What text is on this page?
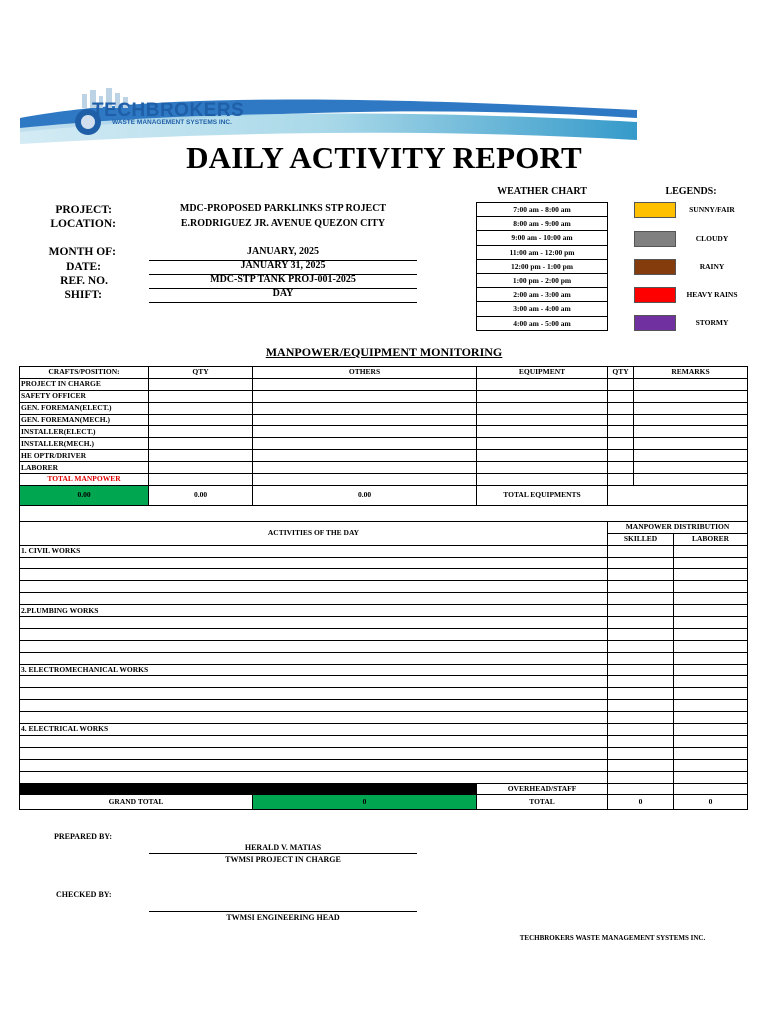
TECHBROKERS
WASTE MANAGEMENT SYSTEMS INC.
DAILY ACTIVITY REPORT
PROJECT:	MDC-PROPOSED PARKLINKS STP ROJECT
LOCATION:	E.RODRIGUEZ JR. AVENUE QUEZON CITY
MONTH OF:	JANUARY, 2025
DATE:	JANUARY 31, 2025
REF. NO.	MDC-STP TANK PROJ-001-2025
SHIFT:	DAY
WEATHER CHART
7:00 am - 8:00 am
8:00 am - 9:00 am
9:00 am - 10:00 am
11:00 am - 12:00 pm
12:00 pm - 1:00 pm
1:00 pm - 2:00 pm
2:00 am - 3:00 am
3:00 am - 4:00 am
4:00 am - 5:00 am
LEGENDS:
SUNNY/FAIR
CLOUDY
RAINY
HEAVY RAINS
STORMY
MANPOWER/EQUIPMENT MONITORING
CRAFTS/POSITION:	QTY	OTHERS	EQUIPMENT	QTY	REMARKS	
PROJECT IN CHARGE						
SAFETY OFFICER						
GEN. FOREMAN(ELECT.)						
GEN. FOREMAN(MECH.)						
INSTALLER(ELECT.)						
INSTALLER(MECH.)						
HE OPTR/DRIVER						
LABORER						
TOTAL MANPOWER						
0.00	0.00	0.00	TOTAL EQUIPMENTS			

ACTIVITIES OF THE DAY				MANPOWER DISTRIBUTION		
				SKILLED		LABORER
1. CIVIL WORKS						

2.PLUMBING WORKS						

3. ELECTROMECHANICAL WORKS						

4. ELECTRICAL WORKS						

			OVERHEAD/STAFF			
GRAND TOTAL		0	TOTAL	0		0
PREPARED BY:
HERALD V. MATIAS
TWMSI PROJECT IN CHARGE
CHECKED BY:
TWMSI ENGINEERING HEAD
TECHBROKERS WASTE MANAGEMENT SYSTEMS INC.
